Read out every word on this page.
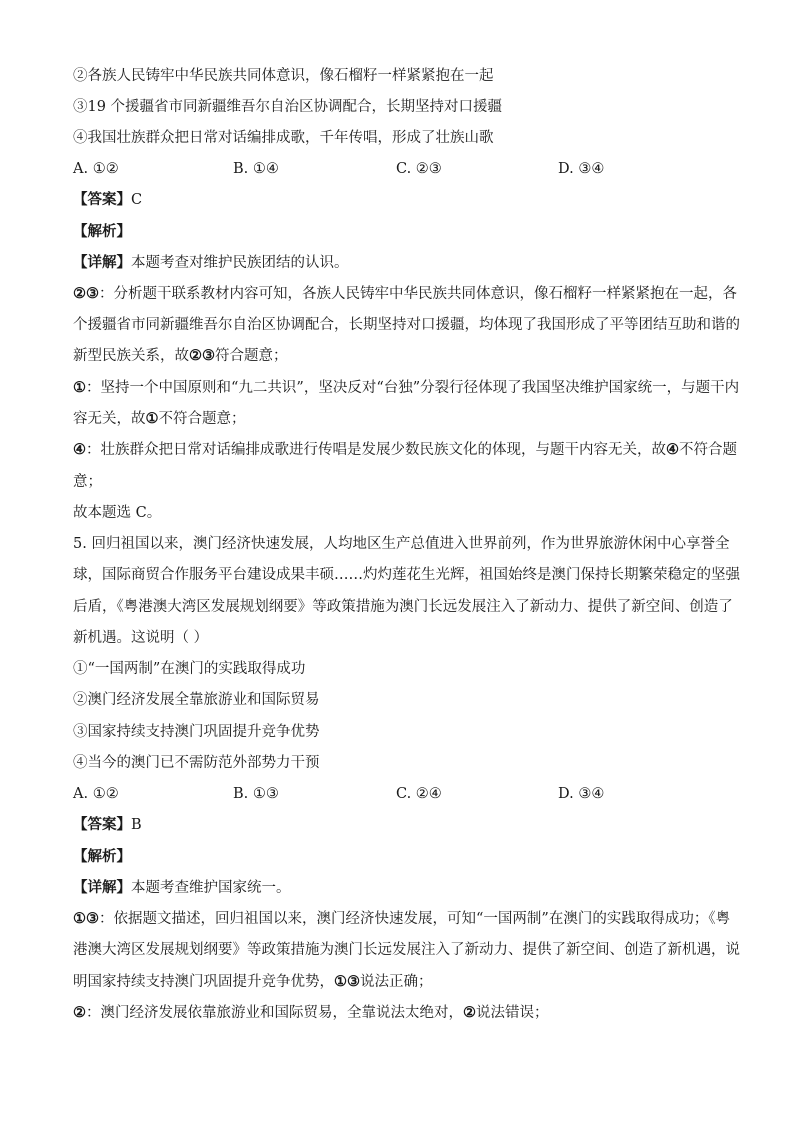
②各族人民铸牢中华民族共同体意识，像石榴籽一样紧紧抱在一起
③19 个援疆省市同新疆维吾尔自治区协调配合，长期坚持对口援疆
④我国壮族群众把日常对话编排成歌，千年传唱，形成了壮族山歌
A. ①②	B. ①④	C. ②③	D. ③④
【答案】C
【解析】
【详解】本题考查对维护民族团结的认识。
②③：分析题干联系教材内容可知，各族人民铸牢中华民族共同体意识，像石榴籽一样紧紧抱在一起，各
个援疆省市同新疆维吾尔自治区协调配合，长期坚持对口援疆，均体现了我国形成了平等团结互助和谐的
新型民族关系，故②③符合题意；
①：坚持一个中国原则和“九二共识”，坚决反对“台独”分裂行径体现了我国坚决维护国家统一，与题干内
容无关，故①不符合题意；
④：壮族群众把日常对话编排成歌进行传唱是发展少数民族文化的体现，与题干内容无关，故④不符合题
意；
故本题选 C。
5. 回归祖国以来，澳门经济快速发展，人均地区生产总值进入世界前列，作为世界旅游休闲中心享誉全
球，国际商贸合作服务平台建设成果丰硕……灼灼莲花生光辉，祖国始终是澳门保持长期繁荣稳定的坚强
后盾，《粤港澳大湾区发展规划纲要》等政策措施为澳门长远发展注入了新动力、提供了新空间、创造了
新机遇。这说明（ ）
①“一国两制”在澳门的实践取得成功
②澳门经济发展全靠旅游业和国际贸易
③国家持续支持澳门巩固提升竞争优势
④当今的澳门已不需防范外部势力干预
A. ①②	B. ①③	C. ②④	D. ③④
【答案】B
【解析】
【详解】本题考查维护国家统一。
①③：依据题文描述，回归祖国以来，澳门经济快速发展，可知“一国两制”在澳门的实践取得成功；《粤
港澳大湾区发展规划纲要》等政策措施为澳门长远发展注入了新动力、提供了新空间、创造了新机遇，说
明国家持续支持澳门巩固提升竞争优势，①③说法正确；
②：澳门经济发展依靠旅游业和国际贸易，全靠说法太绝对，②说法错误；
